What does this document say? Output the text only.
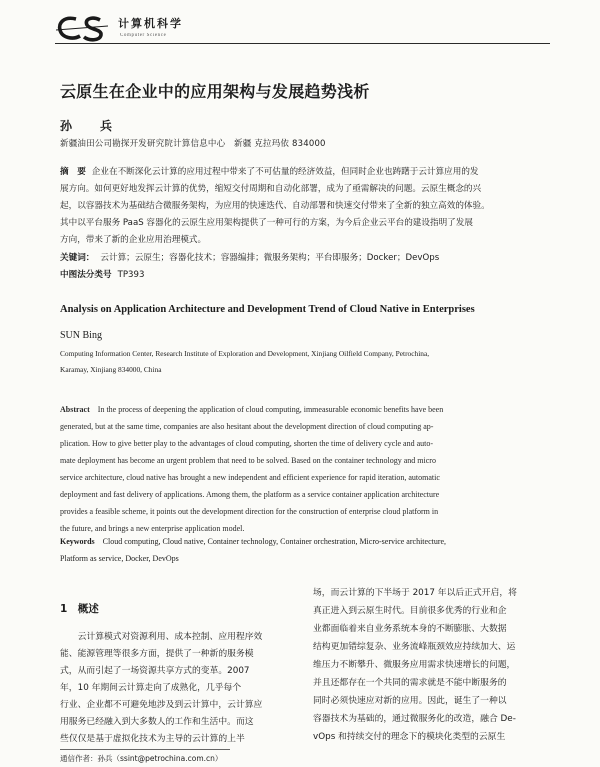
计算机科学
Computer Science
云原生在企业中的应用架构与发展趋势浅析
孙　兵
新疆油田公司勘探开发研究院计算信息中心　新疆 克拉玛依 834000
摘　要 企业在不断深化云计算的应用过程中带来了不可估量的经济效益，但同时企业也踌躇于云计算应用的发
展方向。如何更好地发挥云计算的优势，缩短交付周期和自动化部署，成为了亟需解决的问题。云原生概念的兴
起，以容器技术为基础结合微服务架构，为应用的快速迭代、自动部署和快速交付带来了全新的独立高效的体验。
其中以平台服务 PaaS 容器化的云原生应用架构提供了一种可行的方案，为今后企业云平台的建设指明了发展
方向，带来了新的企业应用治理模式。
关键词： 云计算；云原生；容器化技术；容器编排；微服务架构；平台即服务；Docker；DevOps
中图法分类号 TP393
Analysis on Application Architecture and Development Trend of Cloud Native in Enterprises
SUN Bing
Computing Information Center, Research Institute of Exploration and Development, Xinjiang Oilfield Company, Petrochina,
Karamay, Xinjiang 834000, China
Abstract In the process of deepening the application of cloud computing, immeasurable economic benefits have been
generated, but at the same time, companies are also hesitant about the development direction of cloud computing ap-
plication. How to give better play to the advantages of cloud computing, shorten the time of delivery cycle and auto-
mate deployment has become an urgent problem that need to be solved. Based on the container technology and micro
service architecture, cloud native has brought a new independent and efficient experience for rapid iteration, automatic
deployment and fast delivery of applications. Among them, the platform as a service container application architecture
provides a feasible scheme, it points out the development direction for the construction of enterprise cloud platform in
the future, and brings a new enterprise application model.
Keywords Cloud computing, Cloud native, Container technology, Container orchestration, Micro-service architecture,
Platform as service, Docker, DevOps
1　概述
　　云计算模式对资源利用、成本控制、应用程序效
能、能源管理等很多方面，提供了一种新的服务模
式，从而引起了一场资源共享方式的变革。2007
年，10 年期间云计算走向了成熟化，几乎每个
行业、企业都不可避免地涉及到云计算中，云计算应
用服务已经融入到大多数人的工作和生活中。而这
些仅仅是基于虚拟化技术为主导的云计算的上半
场，而云计算的下半场于 2017 年以后正式开启，将
真正进入到云原生时代。目前很多优秀的行业和企
业都面临着来自业务系统本身的不断膨胀、大数据
结构更加错综复杂、业务流峰瓶颈效应持续加大、运
维压力不断攀升、微服务应用需求快速增长的问题，
并且还都存在一个共同的需求就是不能中断服务的
同时必须快速应对新的应用。因此，诞生了一种以
容器技术为基础的，通过微服务化的改造，融合 De-
vOps 和持续交付的理念下的模块化类型的云原生
通信作者：孙兵（ssint@petrochina.com.cn）
